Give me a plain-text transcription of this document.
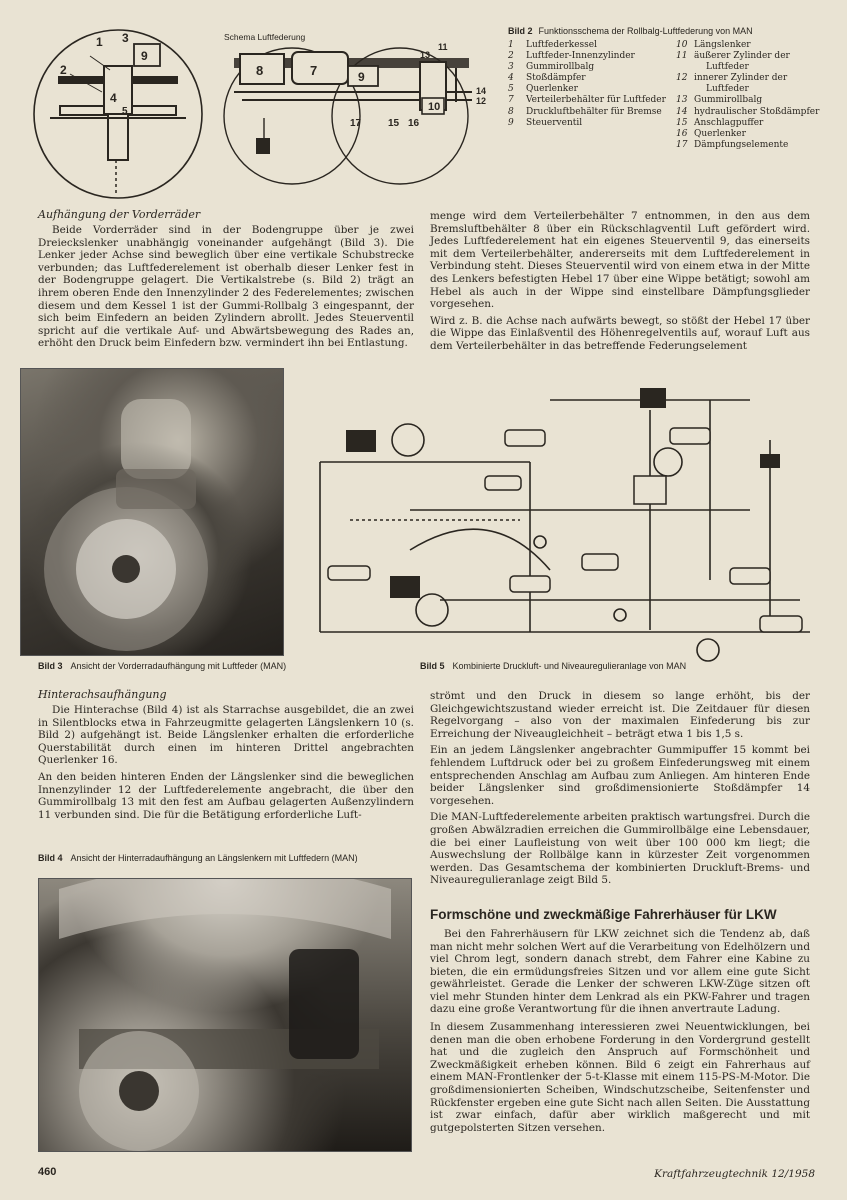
1 3
9
2
4
5
Schema Luftfederung
8	7	9
13
11
14
12
10
17	15 16
Bild 2 Funktionsschema der Rollbalg-Luftfederung von MAN
1	Luftfederkessel
2	Luftfeder-Innenzylinder
3	Gummirollbalg
4	Stoßdämpfer
5	Querlenker
7	Verteilerbehälter für Luftfeder
8	Druckluftbehälter für Bremse
9	Steuerventil
10 Längslenker
11 äußerer Zylinder der Luftfeder
12 innerer Zylinder der Luftfeder
13 Gummirollbalg
14 hydraulischer Stoßdämpfer
15 Anschlagpuffer
16 Querlenker
17 Dämpfungselemente
Aufhängung der Vorderräder

Beide Vorderräder sind in der Bodengruppe über je zwei Dreieckslenker unabhängig voneinander aufgehängt (Bild 3). Die Lenker jeder Achse sind beweglich über eine vertikale Schubstrecke verbunden; das Luftfederelement ist oberhalb dieser Lenker fest in der Bodengruppe gelagert. Die Vertikalstrebe (s. Bild 2) trägt an ihrem oberen Ende den Innenzylinder 2 des Federelementes; zwischen diesem und dem Kessel 1 ist der Gummi-Rollbalg 3 eingespannt, der sich beim Einfedern an beiden Zylindern abrollt. Jedes Steuerventil spricht auf die vertikale Auf- und Abwärtsbewegung des Rades an, erhöht den Druck beim Einfedern bzw. vermindert ihn bei Entlastung.

menge wird dem Verteilerbehälter 7 entnommen, in den aus dem Bremsluftbehälter 8 über ein Rückschlagventil Luft gefördert wird. Jedes Luftfederelement hat ein eigenes Steuerventil 9, das einerseits mit dem Verteilerbehälter, andererseits mit dem Luftfederelement in Verbindung steht. Dieses Steuerventil wird von einem etwa in der Mitte des Lenkers befestigten Hebel 17 über eine Wippe betätigt; sowohl am Hebel als auch in der Wippe sind einstellbare Dämpfungsglieder vorgesehen.

Wird z. B. die Achse nach aufwärts bewegt, so stößt der Hebel 17 über die Wippe das Einlaßventil des Höhenregelventils auf, worauf Luft aus dem Verteilerbehälter in das betreffende Federungselement

Bild 3 Ansicht der Vorderradaufhängung mit Luftfeder (MAN)	Bild 5 Kombinierte Druckluft- und Niveauregulieranlage von MAN
Hinterachsaufhängung

Die Hinterachse (Bild 4) ist als Starrachse ausgebildet, die an zwei in Silentblocks etwa in Fahrzeugmitte gelagerten Längslenkern 10 (s. Bild 2) aufgehängt ist. Beide Längslenker erhalten die erforderliche Querstabilität durch einen im hinteren Drittel angebrachten Querlenker 16.

An den beiden hinteren Enden der Längslenker sind die beweglichen Innenzylinder 12 der Luftfederelemente angebracht, die über den Gummirollbalg 13 mit den fest am Aufbau gelagerten Außenzylindern 11 verbunden sind. Die für die Betätigung erforderliche Luft-

Bild 4 Ansicht der Hinterradaufhängung an Längslenkern mit Luftfedern (MAN)

strömt und den Druck in diesem so lange erhöht, bis der Gleichgewichtszustand wieder erreicht ist. Die Zeitdauer für diesen Regelvorgang – also von der maximalen Einfederung bis zur Erreichung der Niveaugleichheit – beträgt etwa 1 bis 1,5 s.

Ein an jedem Längslenker angebrachter Gummipuffer 15 kommt bei fehlendem Luftdruck oder bei zu großem Einfederungsweg mit einem entsprechenden Anschlag am Aufbau zum Anliegen. Am hinteren Ende beider Längslenker sind großdimensionierte Stoßdämpfer 14 vorgesehen.

Die MAN-Luftfederelemente arbeiten praktisch wartungsfrei. Durch die großen Abwälzradien erreichen die Gummirollbälge eine Lebensdauer, die bei einer Laufleistung von weit über 100 000 km liegt; die Auswechslung der Rollbälge kann in kürzester Zeit vorgenommen werden. Das Gesamtschema der kombinierten Druckluft-Brems- und Niveauregulieranlage zeigt Bild 5.

Formschöne und zweckmäßige Fahrerhäuser für LKW

Bei den Fahrerhäusern für LKW zeichnet sich die Tendenz ab, daß man nicht mehr solchen Wert auf die Verarbeitung von Edelhölzern und viel Chrom legt, sondern danach strebt, dem Fahrer eine Kabine zu bieten, die ein ermüdungsfreies Sitzen und vor allem eine gute Sicht gewährleistet. Gerade die Lenker der schweren LKW-Züge sitzen oft viel mehr Stunden hinter dem Lenkrad als ein PKW-Fahrer und tragen dazu eine große Verantwortung für die ihnen anvertraute Ladung.

In diesem Zusammenhang interessieren zwei Neuentwicklungen, bei denen man die oben erhobene Forderung in den Vordergrund gestellt hat und die zugleich den Anspruch auf Formschönheit und Zweckmäßigkeit erheben können. Bild 6 zeigt ein Fahrerhaus auf einem MAN-Frontlenker der 5-t-Klasse mit einem 115-PS-M-Motor. Die großdimensionierten Scheiben, Windschutzscheibe, Seitenfenster und Rückfenster ergeben eine gute Sicht nach allen Seiten. Die Ausstattung ist zwar einfach, dafür aber wirklich maßgerecht und mit gutgepolsterten Sitzen versehen.

460	Kraftfahrzeugtechnik 12/1958
